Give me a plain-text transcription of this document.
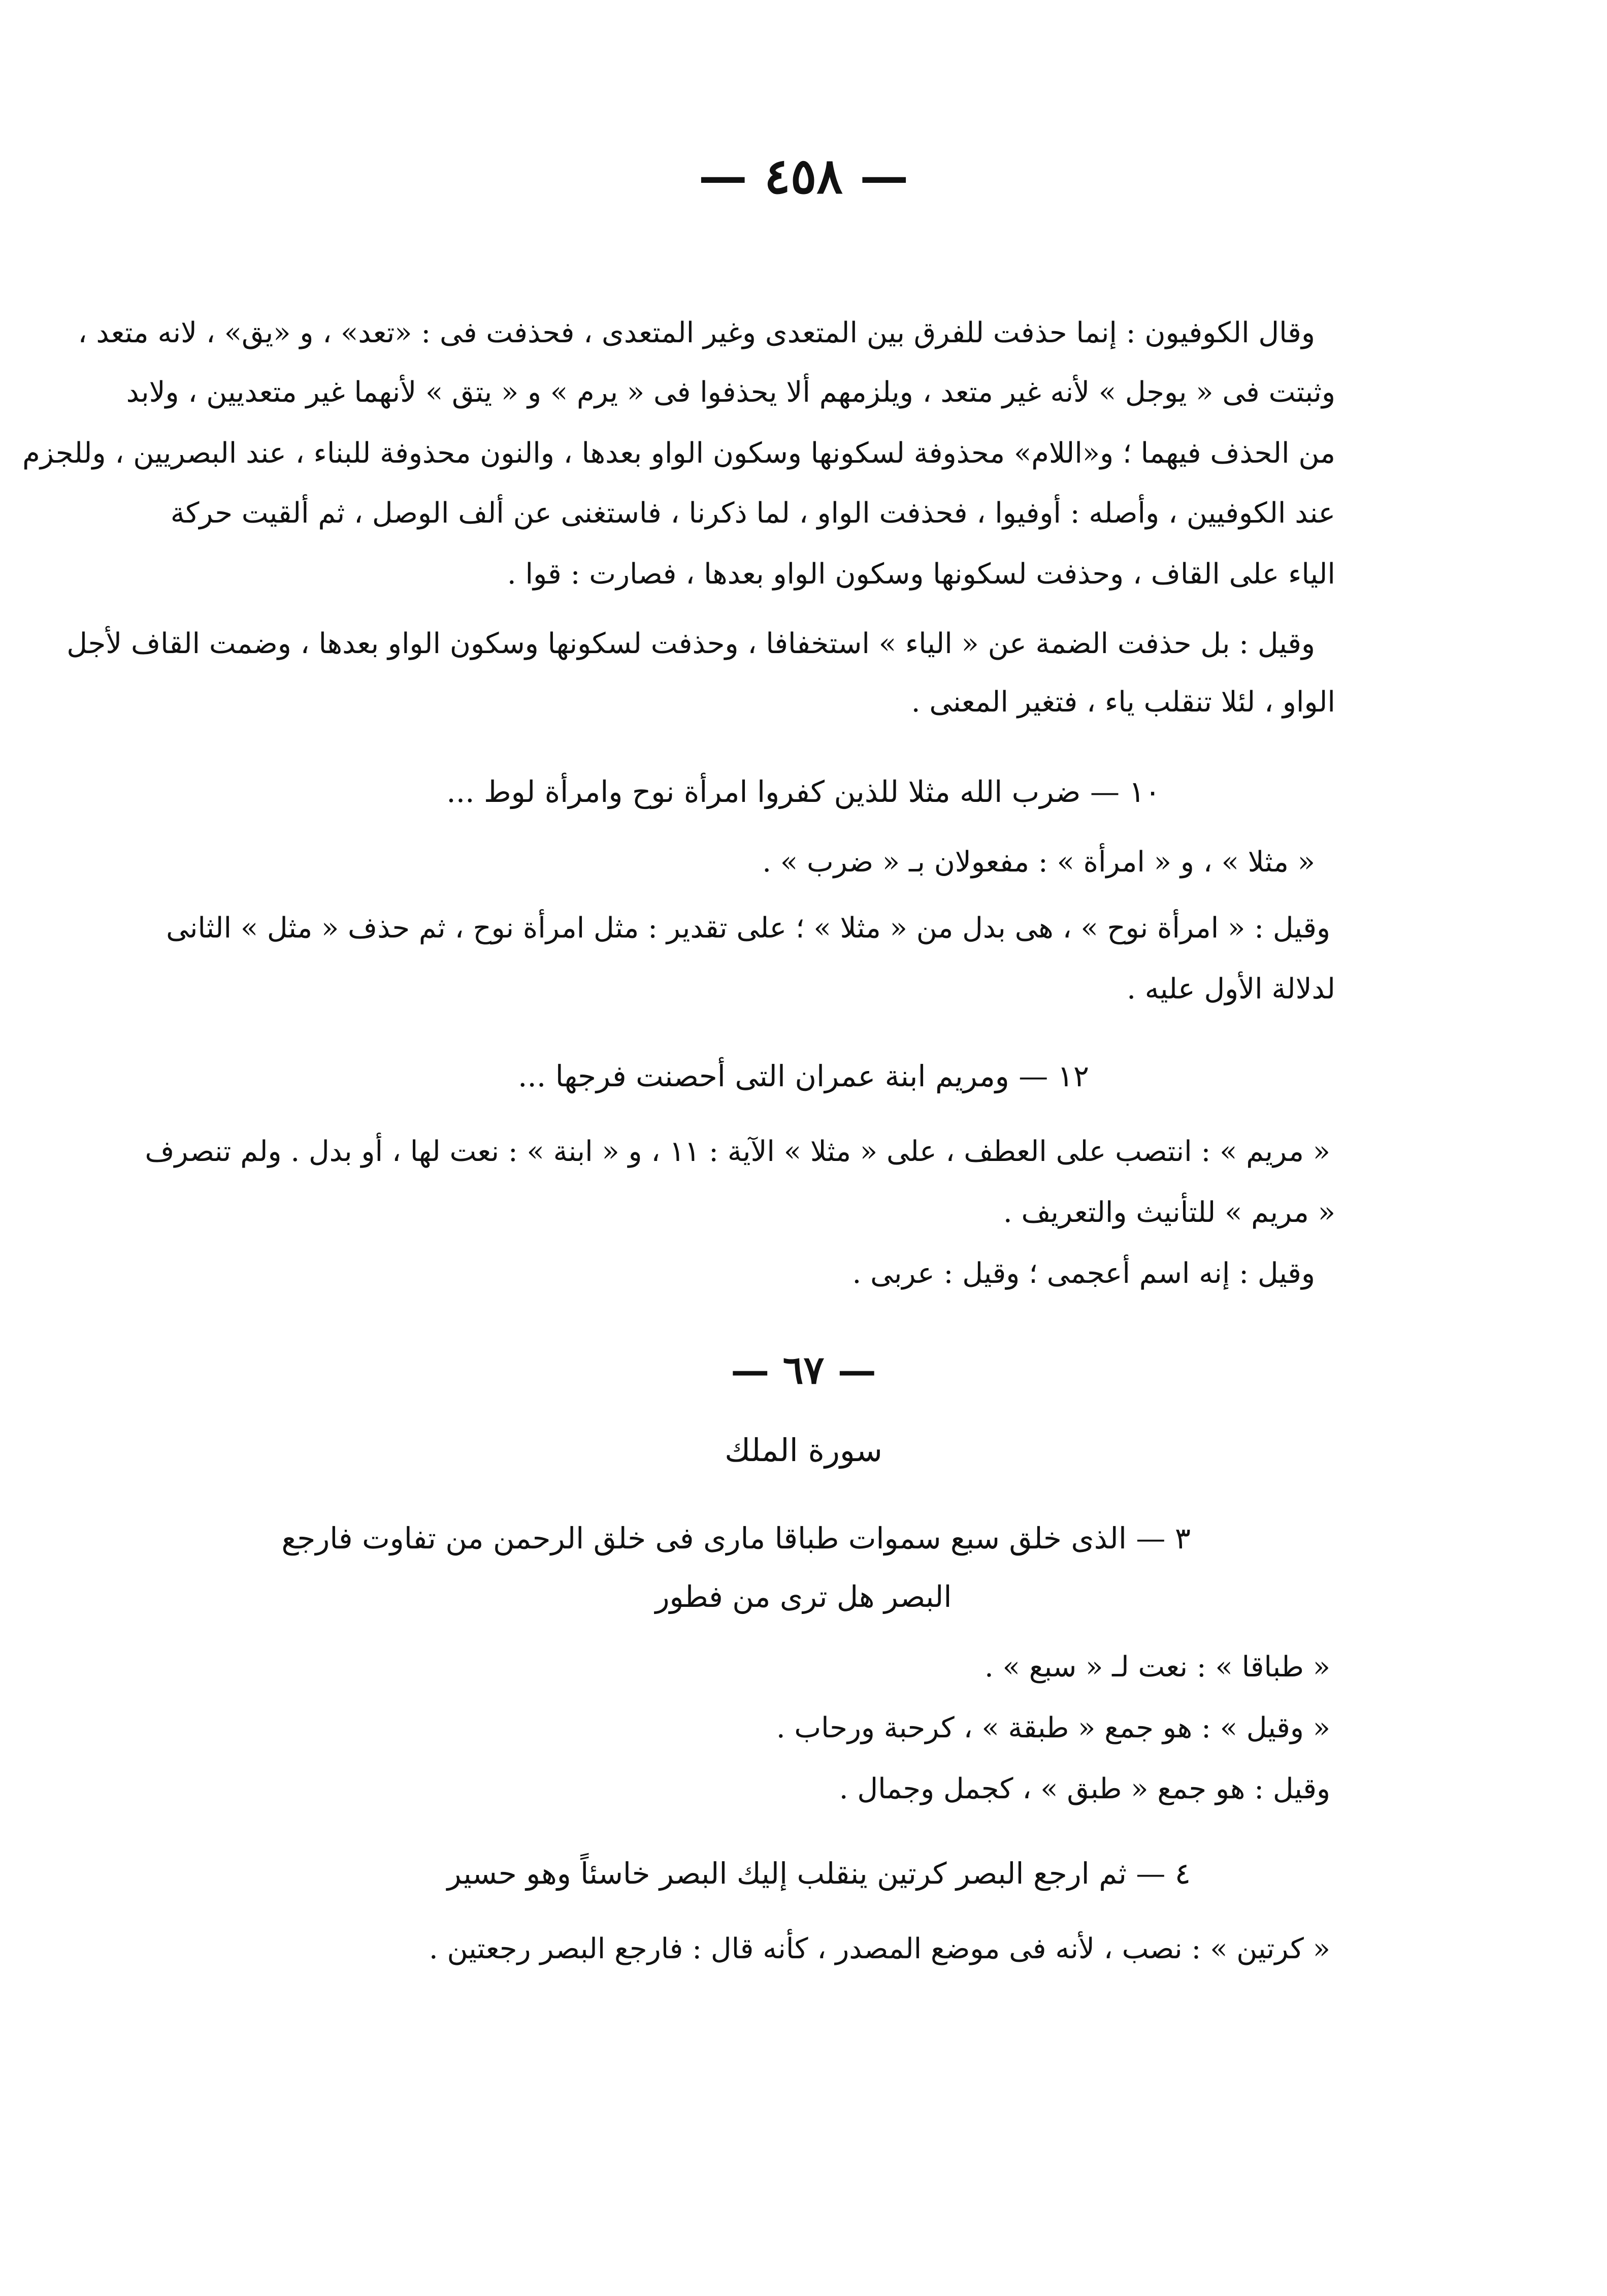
— ٤٥٨ —
وقال الكوفيون : إنما حذفت للفرق بين المتعدى وغير المتعدى ، فحذفت فى : «تعد» ، و «يق» ، لانه متعد ،
وثبتت فى « يوجل » لأنه غير متعد ، ويلزمهم ألا يحذفوا فى « يرم » و « يتق » لأنهما غير متعديين ، ولابد
من الحذف فيهما ؛ و«اللام» محذوفة لسكونها وسكون الواو بعدها ، والنون محذوفة للبناء ، عند البصريين ، وللجزم
عند الكوفيين ، وأصله : أوفيوا ، فحذفت الواو ، لما ذكرنا ، فاستغنى عن ألف الوصل ، ثم ألقيت حركة
الياء على القاف ، وحذفت لسكونها وسكون الواو بعدها ، فصارت : قوا .
وقيل : بل حذفت الضمة عن « الياء » استخفافا ، وحذفت لسكونها وسكون الواو بعدها ، وضمت القاف لأجل
الواو ، لئلا تنقلب ياء ، فتغير المعنى .
١٠ — ضرب الله مثلا للذين كفروا امرأة نوح وامرأة لوط ...
« مثلا » ، و « امرأة » : مفعولان بـ « ضرب » .
وقيل : « امرأة نوح » ، هى بدل من « مثلا » ؛ على تقدير : مثل امرأة نوح ، ثم حذف « مثل » الثانى
لدلالة الأول عليه .
١٢ — ومريم ابنة عمران التى أحصنت فرجها ...
« مريم » : انتصب على العطف ، على « مثلا » الآية : ١١ ، و « ابنة » : نعت لها ، أو بدل . ولم تنصرف
« مريم » للتأنيث والتعريف .
وقيل : إنه اسم أعجمى ؛ وقيل : عربى .
— ٦٧ —
سورة الملك
٣ — الذى خلق سبع سموات طباقا مارى فى خلق الرحمن من تفاوت فارجع
البصر هل ترى من فطور
« طباقا » : نعت لـ « سبع » .
« وقيل » : هو جمع « طبقة » ، كرحبة ورحاب .
وقيل : هو جمع « طبق » ، كجمل وجمال .
٤ — ثم ارجع البصر كرتين ينقلب إليك البصر خاسئاً وهو حسير
« كرتين » : نصب ، لأنه فى موضع المصدر ، كأنه قال : فارجع البصر رجعتين .
